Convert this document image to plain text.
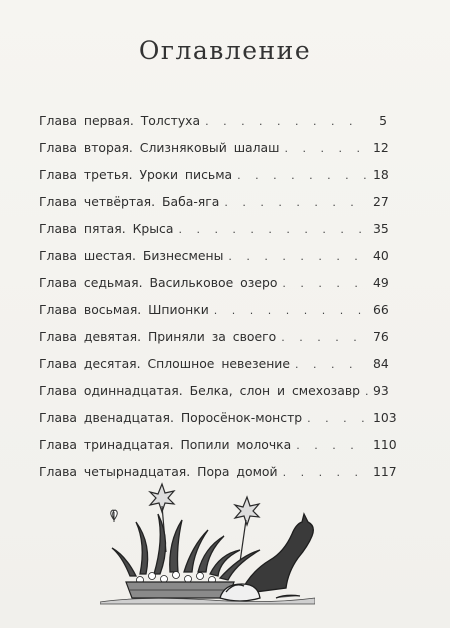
Оглавление
Глава первая. Толстуха . . .	5
Глава вторая. Слизняковый шалаш . . .	12
Глава третья. Уроки письма . . .	18
Глава четвёртая. Баба-яга . . .	27
Глава пятая. Крыса . . .	35
Глава шестая. Бизнесмены . . .	40
Глава седьмая. Васильковое озеро . . .	49
Глава восьмая. Шпионки . . .	66
Глава девятая. Приняли за своего . . .	76
Глава десятая. Сплошное невезение . . .	84
Глава одиннадцатая. Белка, слон и смехозавр . . . 93
Глава двенадцатая. Поросёнок-монстр . . .	103
Глава тринадцатая. Попили молочка . . .	110
Глава четырнадцатая. Пора домой . . .	117
